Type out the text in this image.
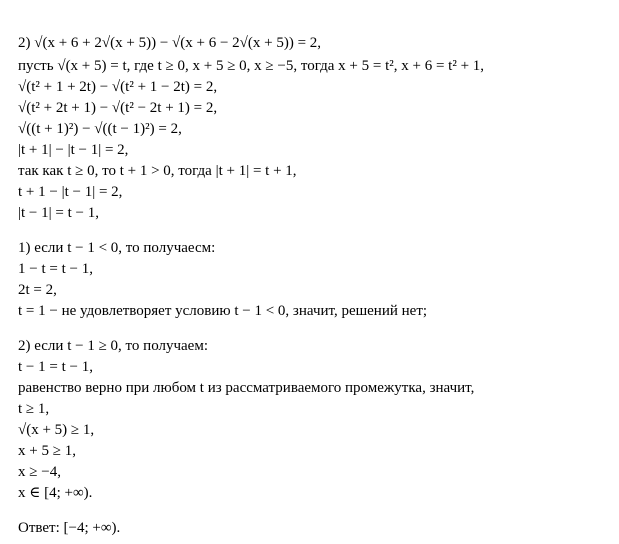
2) √(x + 6 + 2√(x + 5)) − √(x + 6 − 2√(x + 5)) = 2,
пусть √(x + 5) = t, где t ≥ 0, x + 5 ≥ 0, x ≥ −5, тогда x + 5 = t², x + 6 = t² + 1,
√(t² + 1 + 2t) − √(t² + 1 − 2t) = 2,
√(t² + 2t + 1) − √(t² − 2t + 1) = 2,
√((t + 1)²) − √((t − 1)²) = 2,
|t + 1| − |t − 1| = 2,
так как t ≥ 0, то t + 1 > 0, тогда |t + 1| = t + 1,
t + 1 − |t − 1| = 2,
|t − 1| = t − 1,
1) если t − 1 < 0, то получаесм:
1 − t = t − 1,
2t = 2,
t = 1 − не удовлетворяет условию t − 1 < 0, значит, решений нет;
2) если t − 1 ≥ 0, то получаем:
t − 1 = t − 1,
равенство верно при любом t из рассматриваемого промежутка, значит,
t ≥ 1,
√(x + 5) ≥ 1,
x + 5 ≥ 1,
x ≥ −4,
x ∈ [4; +∞).
Ответ: [−4; +∞).
